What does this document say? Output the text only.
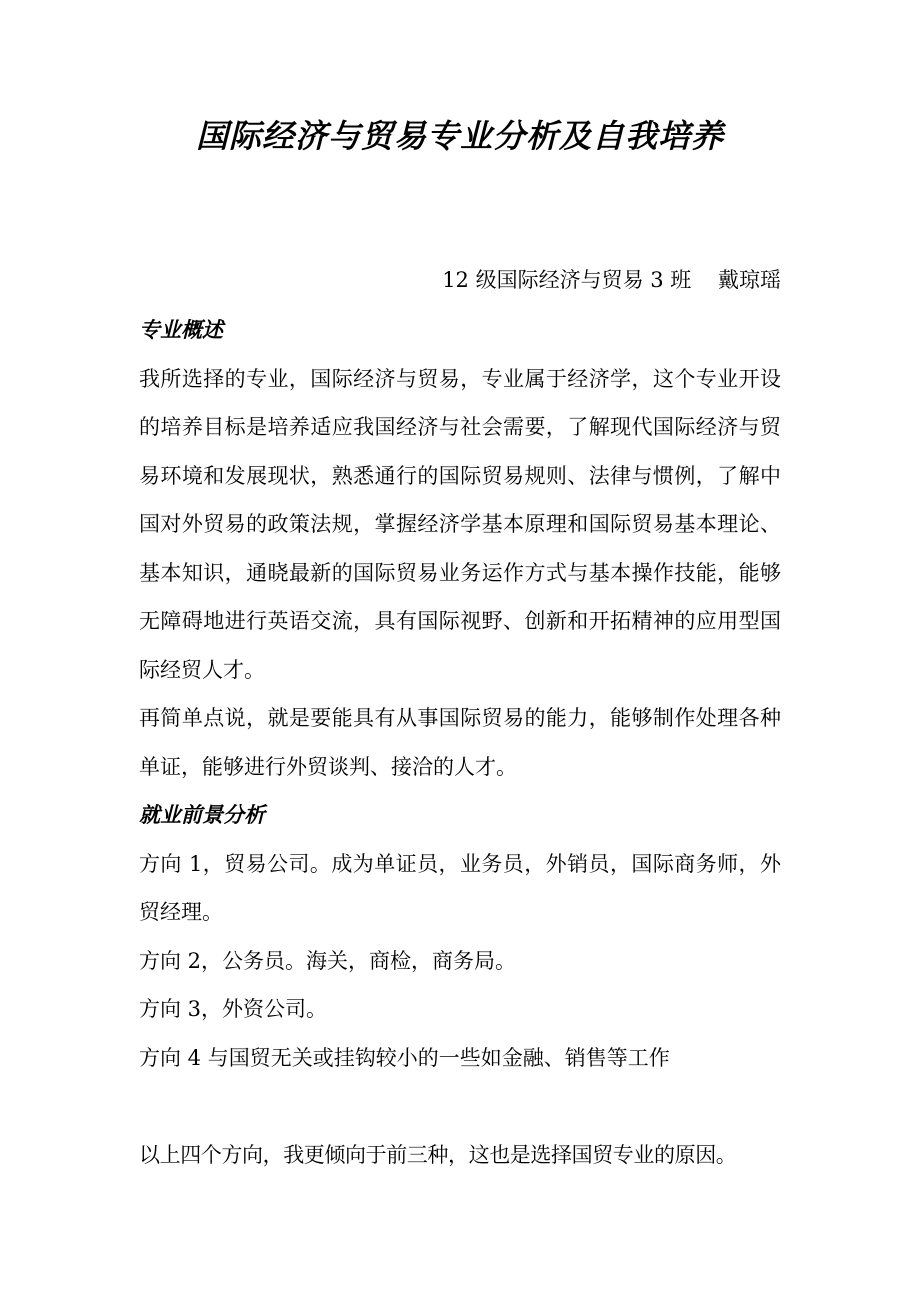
国际经济与贸易专业分析及自我培养
12 级国际经济与贸易 3 班    戴琼瑶

专业概述

我所选择的专业，国际经济与贸易，专业属于经济学，这个专业开设的培养目标是培养适应我国经济与社会需要，了解现代国际经济与贸易环境和发展现状，熟悉通行的国际贸易规则、法律与惯例，了解中国对外贸易的政策法规，掌握经济学基本原理和国际贸易基本理论、基本知识，通晓最新的国际贸易业务运作方式与基本操作技能，能够无障碍地进行英语交流，具有国际视野、创新和开拓精神的应用型国际经贸人才。

再简单点说，就是要能具有从事国际贸易的能力，能够制作处理各种单证，能够进行外贸谈判、接洽的人才。

就业前景分析

方向 1，贸易公司。成为单证员，业务员，外销员，国际商务师，外贸经理。

方向 2，公务员。海关，商检，商务局。

方向 3，外资公司。

方向 4 与国贸无关或挂钩较小的一些如金融、销售等工作

以上四个方向，我更倾向于前三种，这也是选择国贸专业的原因。
